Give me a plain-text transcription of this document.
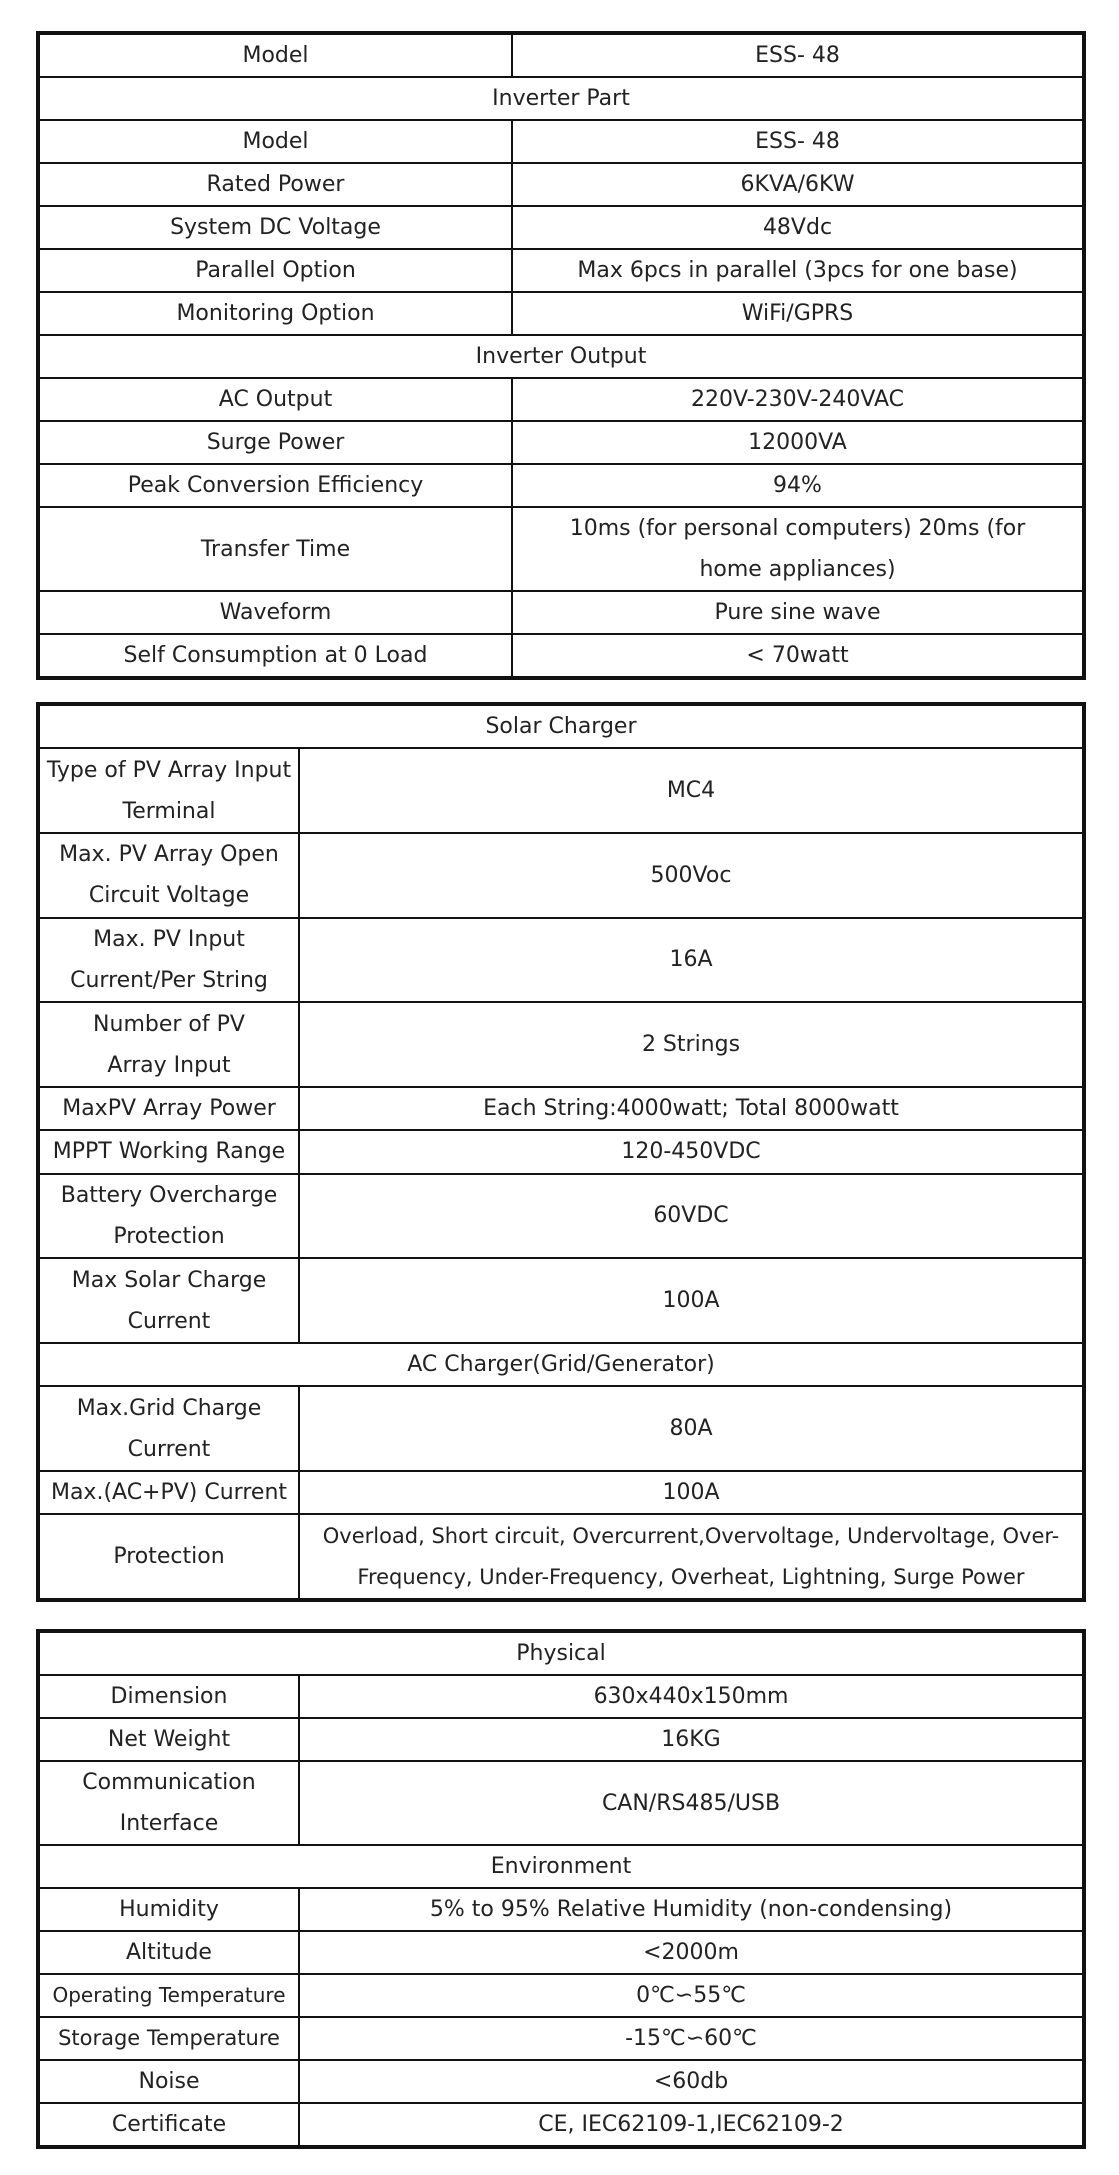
Model	ESS- 48
Inverter Part	
Model	ESS- 48
Rated Power	6KVA/6KW
System DC Voltage	48Vdc
Parallel Option	Max 6pcs in parallel (3pcs for one base)
Monitoring Option	WiFi/GPRS
Inverter Output	
AC Output	220V-230V-240VAC
Surge Power	12000VA
Peak Conversion Efficiency	94%
Transfer Time	10ms (for personal computers) 20ms (for home appliances)
Waveform	Pure sine wave
Self Consumption at 0 Load	< 70watt
Solar Charger	
Type of PV Array Input Terminal	MC4
Max. PV Array Open Circuit Voltage	500Voc
Max. PV Input Current/Per String	16A
Number of PV Array Input	2 Strings
MaxPV Array Power	Each String:4000watt; Total 8000watt
MPPT Working Range	120-450VDC
Battery Overcharge Protection	60VDC
Max Solar Charge Current	100A
AC Charger(Grid/Generator)	
Max.Grid Charge Current	80A
Max.(AC+PV) Current	100A
Protection	Overload, Short circuit, Overcurrent,Overvoltage, Undervoltage, Over-Frequency, Under-Frequency, Overheat, Lightning, Surge Power
Physical	
Dimension	630x440x150mm
Net Weight	16KG
Communication Interface	CAN/RS485/USB
Environment	
Humidity	5% to 95% Relative Humidity (non-condensing)
Altitude	<2000m
Operating Temperature	0℃∽55℃
Storage Temperature	-15℃∽60℃
Noise	<60db
Certificate	CE, IEC62109-1,IEC62109-2
